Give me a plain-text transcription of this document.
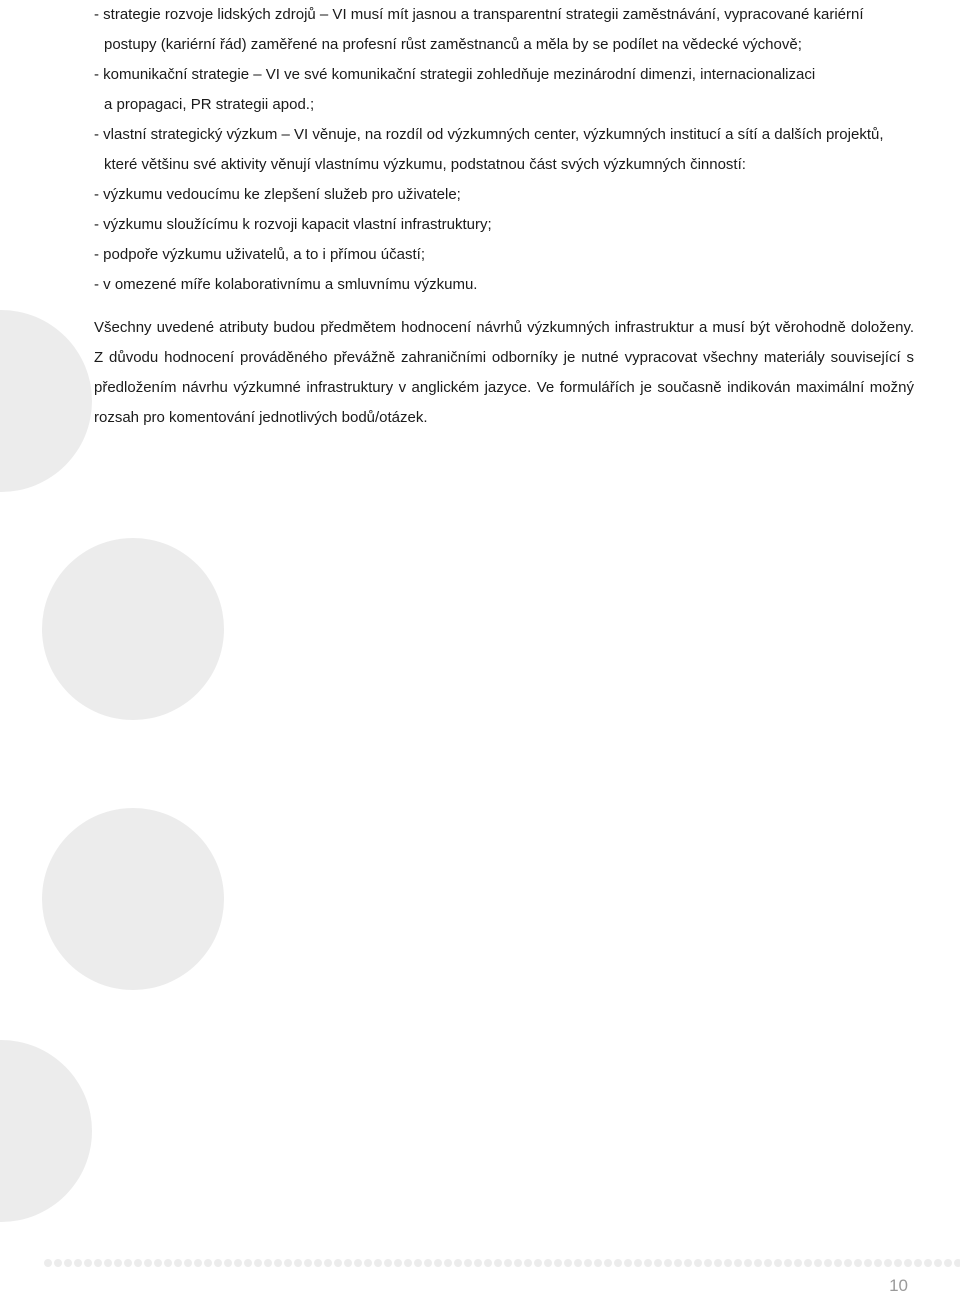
- strategie rozvoje lidských zdrojů – VI musí mít jasnou a transparentní strategii zaměstnávání, vypracované kariérní

postupy (kariérní řád) zaměřené na profesní růst zaměstnanců a měla by se podílet na vědecké výchově;

- komunikační strategie – VI ve své komunikační strategii zohledňuje mezinárodní dimenzi, internacionalizaci

a propagaci, PR strategii apod.;

- vlastní strategický výzkum – VI věnuje, na rozdíl od výzkumných center, výzkumných institucí a sítí a dalších projektů,

které většinu své aktivity věnují vlastnímu výzkumu, podstatnou část svých výzkumných činností:

- výzkumu vedoucímu ke zlepšení služeb pro uživatele;

- výzkumu sloužícímu k rozvoji kapacit vlastní infrastruktury;

- podpoře výzkumu uživatelů, a to i přímou účastí;

- v omezené míře kolaborativnímu a smluvnímu výzkumu.

Všechny uvedené atributy budou předmětem hodnocení návrhů výzkumných infrastruktur a musí být věrohodně doloženy. Z důvodu hodnocení prováděného převážně zahraničními odborníky je nutné vypracovat všechny materiály související s předložením návrhu výzkumné infrastruktury v anglickém jazyce. Ve formulářích je současně indikován maximální možný rozsah pro komentování jednotlivých bodů/otázek.

10
